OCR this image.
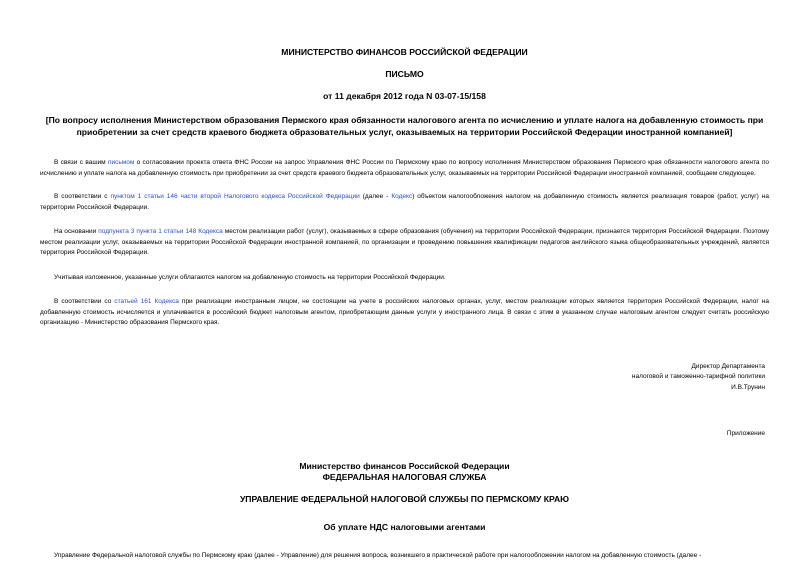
МИНИСТЕРСТВО ФИНАНСОВ РОССИЙСКОЙ ФЕДЕРАЦИИ
ПИСЬМО
от 11 декабря 2012 года N 03-07-15/158
[По вопросу исполнения Министерством образования Пермского края обязанности налогового агента по исчислению и уплате налога на добавленную стоимость при приобретении за счет средств краевого бюджета образовательных услуг, оказываемых на территории Российской Федерации иностранной компанией]

В связи с вашим письмом о согласовании проекта ответа ФНС России на запрос Управления ФНС России по Пермскому краю по вопросу исполнения Министерством образования Пермского края обязанности налогового агента по исчислению и уплате налога на добавленную стоимость при приобретении за счет средств краевого бюджета образовательных услуг, оказываемых на территории Российской Федерации иностранной компанией, сообщаем следующее.

В соответствии с пунктом 1 статьи 146 части второй Налогового кодекса Российской Федерации (далее - Кодекс) объектом налогообложения налогом на добавленную стоимость является реализация товаров (работ, услуг) на территории Российской Федерации.

На основании подпункта 3 пункта 1 статьи 148 Кодекса местом реализации работ (услуг), оказываемых в сфере образования (обучения) на территории Российской Федерации, признается территория Российской Федерации. Поэтому местом реализации услуг, оказываемых на территории Российской Федерации иностранной компанией, по организации и проведению повышения квалификации педагогов английского языка общеобразовательных учреждений, является территория Российской Федерации.

Учитывая изложенное, указанные услуги облагаются налогом на добавленную стоимость на территории Российской Федерации.

В соответствии со статьей 161 Кодекса при реализации иностранным лицом, не состоящим на учете в российских налоговых органах, услуг, местом реализации которых является территория Российской Федерации, налог на добавленную стоимость исчисляется и уплачивается в российский бюджет налоговым агентом, приобретающим данные услуги у иностранного лица. В связи с этим в указанном случае налоговым агентом следует считать российскую организацию - Министерство образования Пермского края.

Директор Департамента
налоговой и таможенно-тарифной политики
И.В.Трунин
Приложение
Министерство финансов Российской Федерации
ФЕДЕРАЛЬНАЯ НАЛОГОВАЯ СЛУЖБА
УПРАВЛЕНИЕ ФЕДЕРАЛЬНОЙ НАЛОГОВОЙ СЛУЖБЫ ПО ПЕРМСКОМУ КРАЮ
Об уплате НДС налоговыми агентами

Управление Федеральной налоговой службы по Пермскому краю (далее - Управление) для решения вопроса, возникшего в практической работе при налогообложении налогом на добавленную стоимость (далее -
